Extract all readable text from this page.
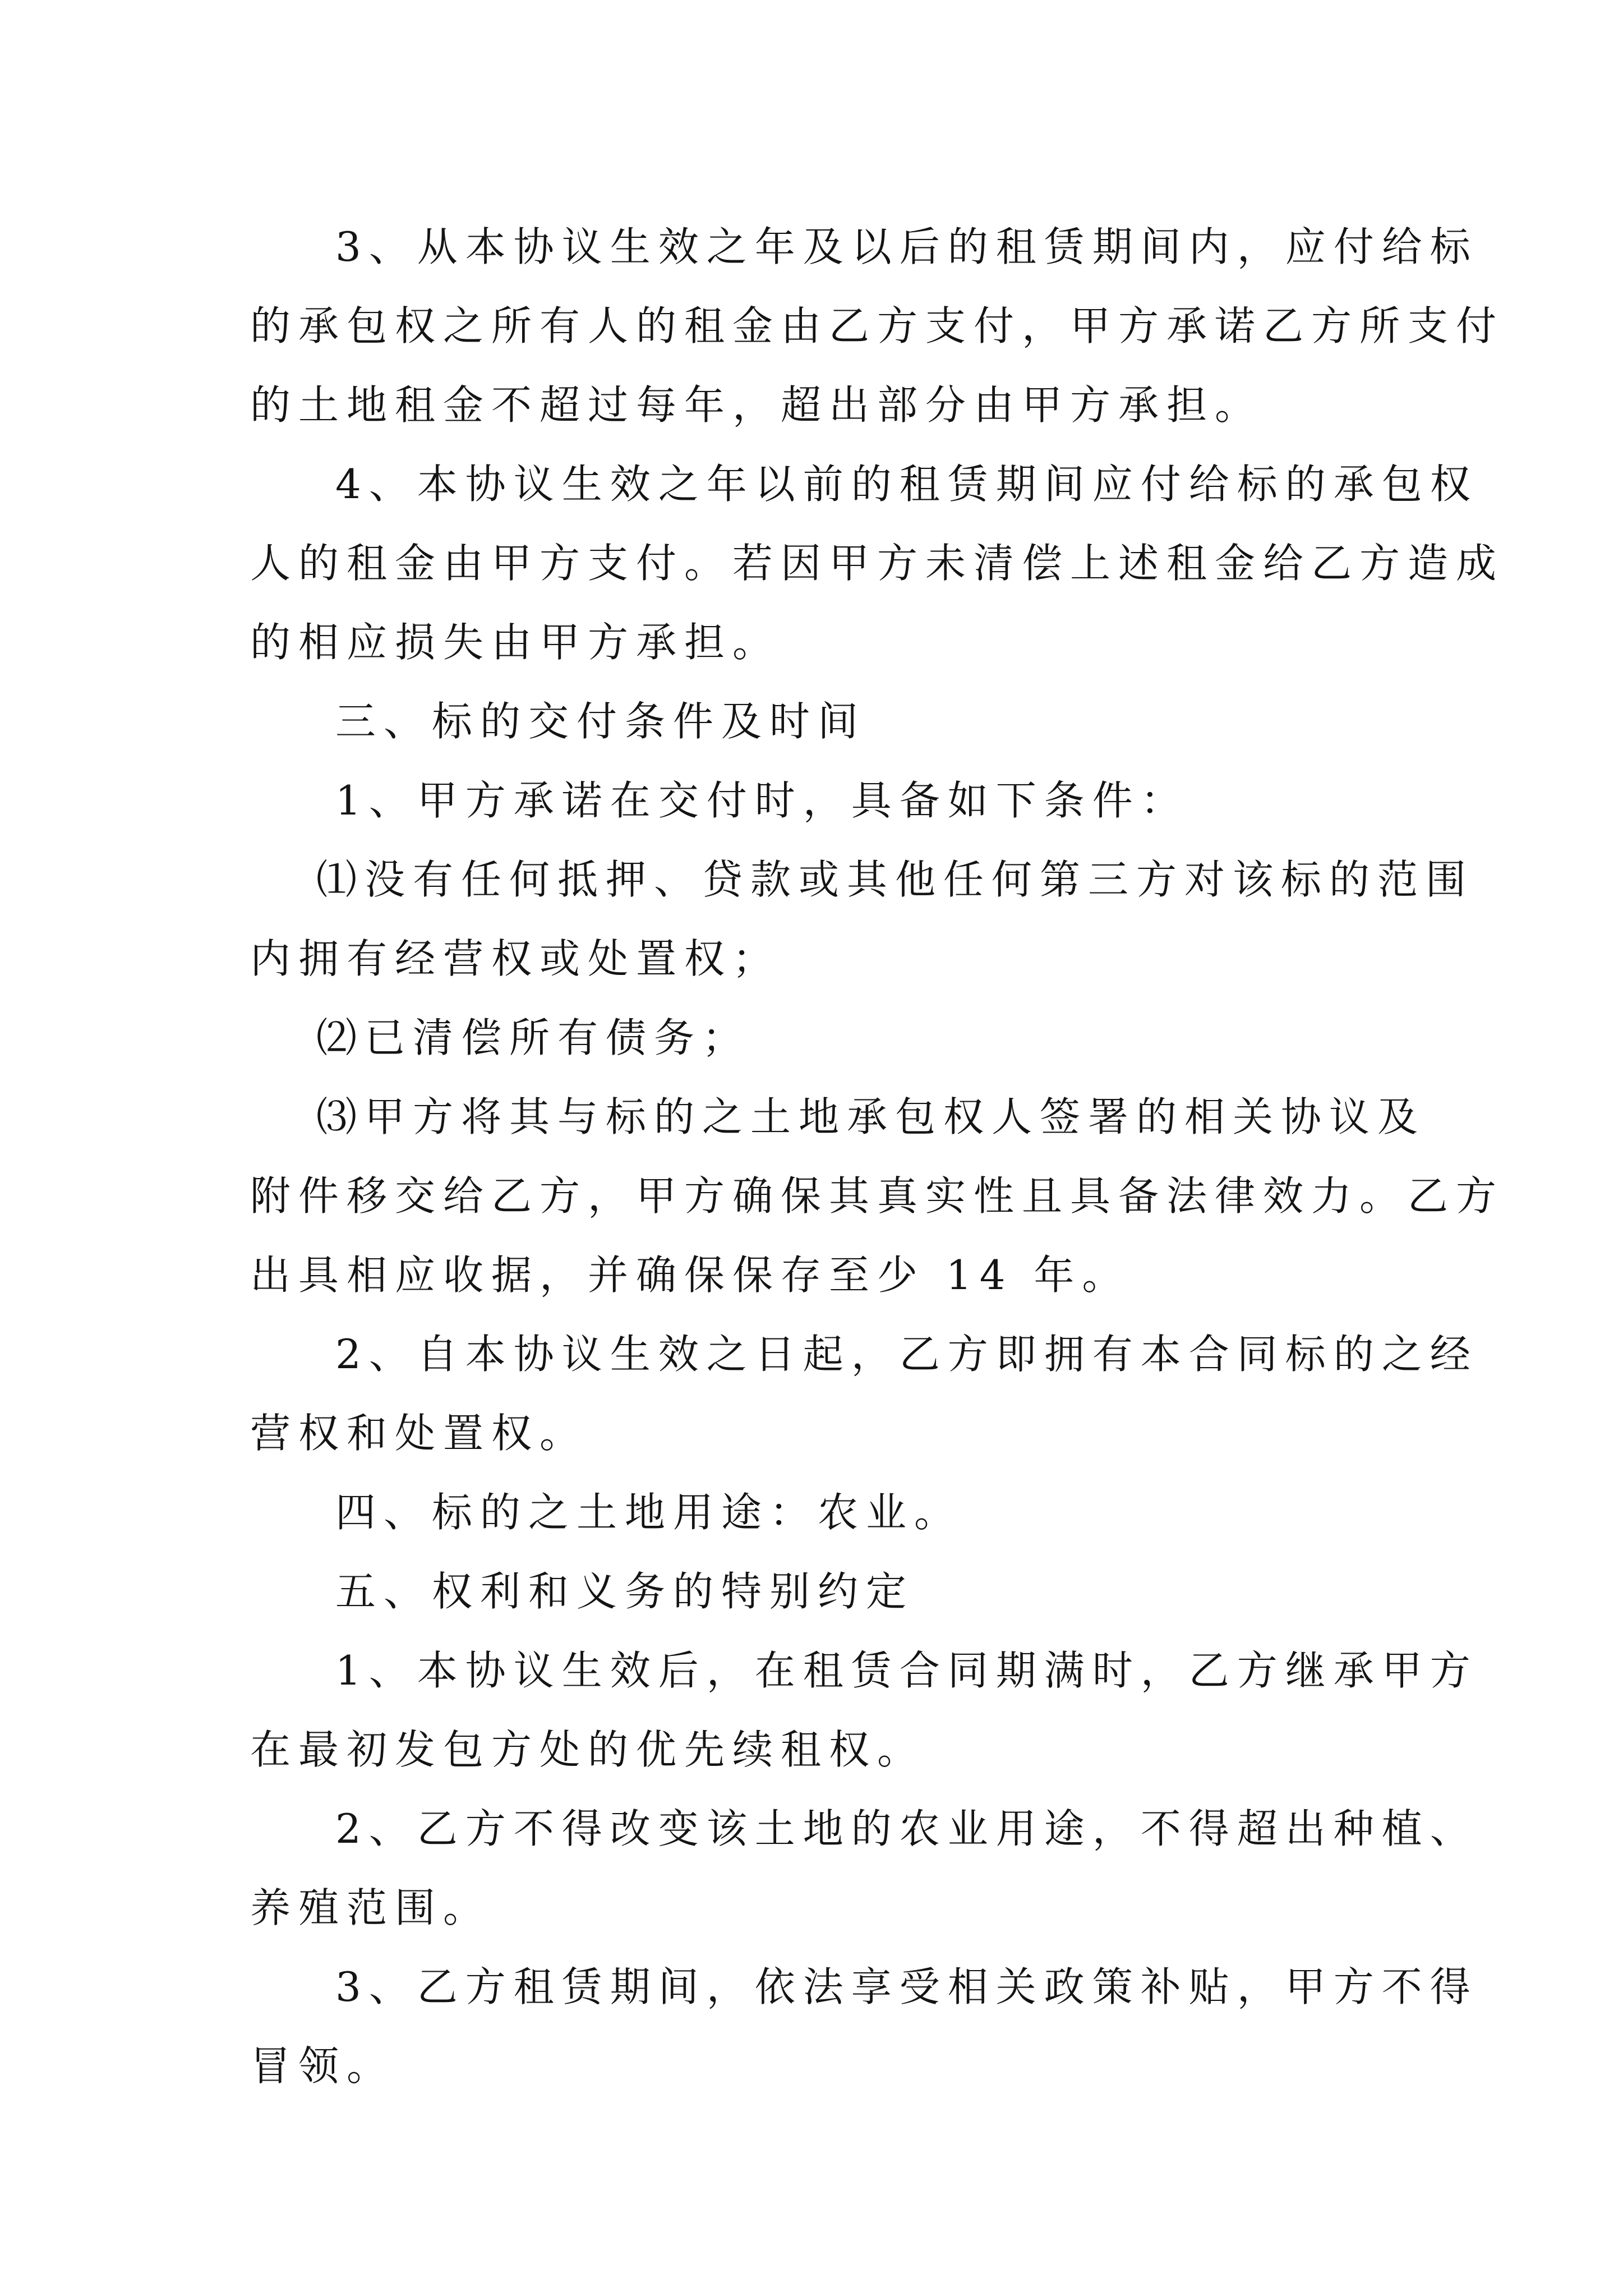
3、从本协议生效之年及以后的租赁期间内，应付给标
的承包权之所有人的租金由乙方支付，甲方承诺乙方所支付
的土地租金不超过每年，超出部分由甲方承担。
4、本协议生效之年以前的租赁期间应付给标的承包权
人的租金由甲方支付。若因甲方未清偿上述租金给乙方造成
的相应损失由甲方承担。
三、标的交付条件及时间
1、甲方承诺在交付时，具备如下条件：
⑴没有任何抵押、贷款或其他任何第三方对该标的范围
内拥有经营权或处置权；
⑵已清偿所有债务；
⑶甲方将其与标的之土地承包权人签署的相关协议及
附件移交给乙方，甲方确保其真实性且具备法律效力。乙方
出具相应收据，并确保保存至少 14 年。
2、自本协议生效之日起，乙方即拥有本合同标的之经
营权和处置权。
四、标的之土地用途：农业。
五、权利和义务的特别约定
1、本协议生效后，在租赁合同期满时，乙方继承甲方
在最初发包方处的优先续租权。
2、乙方不得改变该土地的农业用途，不得超出种植、
养殖范围。
3、乙方租赁期间，依法享受相关政策补贴，甲方不得
冒领。
